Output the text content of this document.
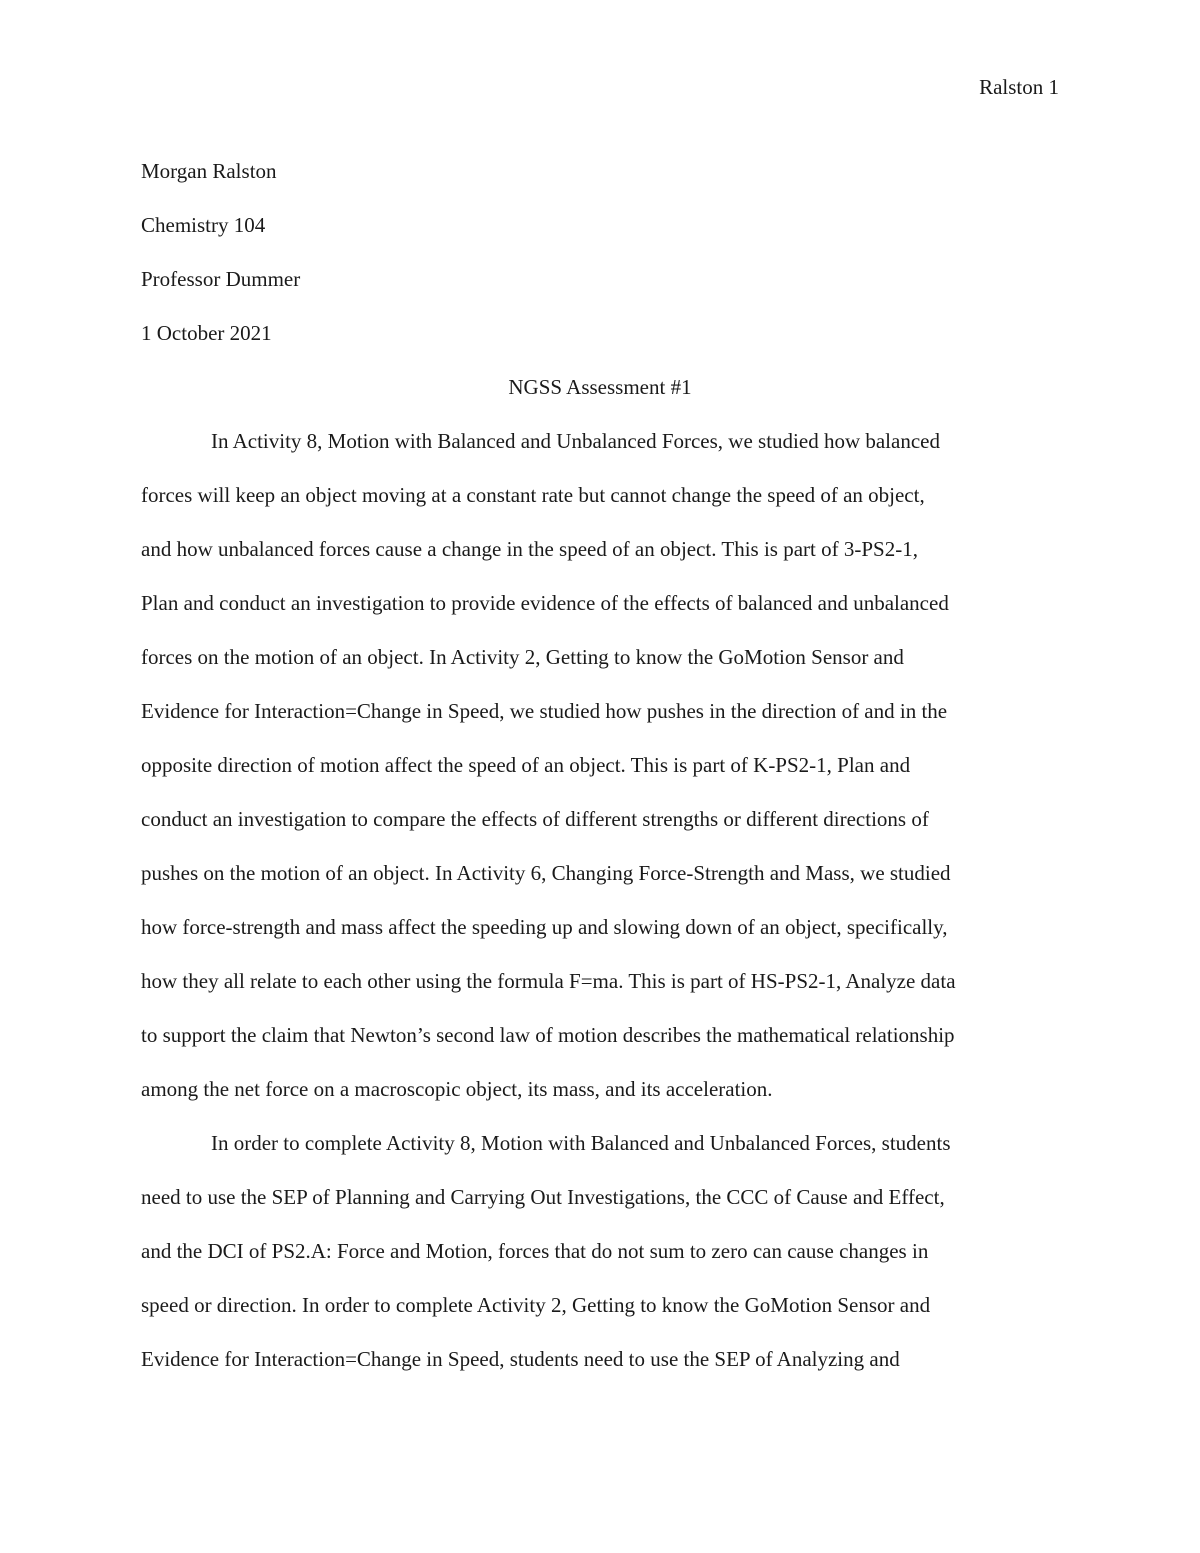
Ralston 1
Morgan Ralston
Chemistry 104
Professor Dummer
1 October 2021
NGSS Assessment #1
In Activity 8, Motion with Balanced and Unbalanced Forces, we studied how balanced
forces will keep an object moving at a constant rate but cannot change the speed of an object,
and how unbalanced forces cause a change in the speed of an object. This is part of 3-PS2-1,
Plan and conduct an investigation to provide evidence of the effects of balanced and unbalanced
forces on the motion of an object. In Activity 2, Getting to know the GoMotion Sensor and
Evidence for Interaction=Change in Speed, we studied how pushes in the direction of and in the
opposite direction of motion affect the speed of an object. This is part of K-PS2-1, Plan and
conduct an investigation to compare the effects of different strengths or different directions of
pushes on the motion of an object. In Activity 6, Changing Force-Strength and Mass, we studied
how force-strength and mass affect the speeding up and slowing down of an object, specifically,
how they all relate to each other using the formula F=ma. This is part of HS-PS2-1, Analyze data
to support the claim that Newton’s second law of motion describes the mathematical relationship
among the net force on a macroscopic object, its mass, and its acceleration.
In order to complete Activity 8, Motion with Balanced and Unbalanced Forces, students
need to use the SEP of Planning and Carrying Out Investigations, the CCC of Cause and Effect,
and the DCI of PS2.A: Force and Motion, forces that do not sum to zero can cause changes in
speed or direction. In order to complete Activity 2, Getting to know the GoMotion Sensor and
Evidence for Interaction=Change in Speed, students need to use the SEP of Analyzing and
